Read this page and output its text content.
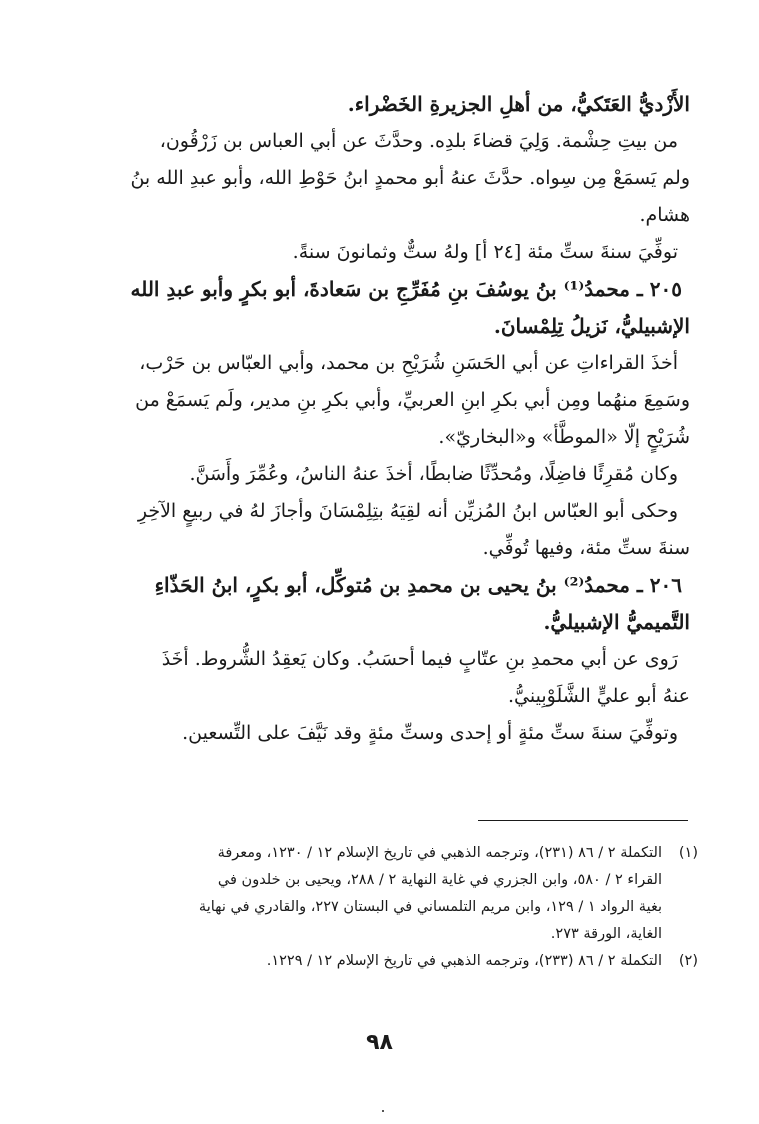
الأَزْديُّ العَتَكيُّ، من أهلِ الجزيرةِ الخَضْراء.
من بيتِ حِشْمة. وَلِيَ قضاءَ بلدِه. وحدَّثَ عن أبي العباس بن زَرْقُون،
ولم يَسمَعْ مِن سِواه. حدَّثَ عنهُ أبو محمدٍ ابنُ حَوْطِ الله، وأبو عبدِ الله بنُ
هشام.
توفِّيَ سنةَ ستِّ مئة [٢٤ أ] ولهُ ستٌّ وثمانونَ سنةً.
٢٠٥ ـ محمدُ⁽¹⁾ بنُ يوسُفَ بنِ مُفَرِّجِ بن سَعادةَ، أبو بكرٍ وأبو عبدِ الله
الإشبيليُّ، نَزيلُ تِلِمْسانَ.
أخذَ القراءاتِ عن أبي الحَسَنِ شُرَيْحِ بن محمد، وأبي العبّاس بن حَرْب،
وسَمِعَ منهُما ومِن أبي بكرِ ابنِ العربيِّ، وأبي بكرِ بنِ مدير، ولَم يَسمَعْ من
شُرَيْحٍ إلّا «الموطَّأ» و«البخاريّ».
وكان مُقرِئًا فاضِلًا، ومُحدِّثًا ضابطًا، أخذَ عنهُ الناسُ، وعُمِّرَ وأَسَنَّ.
وحكى أبو العبّاس ابنُ المُزيِّن أنه لقِيَهُ بتِلِمْسَانَ وأجازَ لهُ في ربيعٍ الآخِرِ
سنةَ ستِّ مئة، وفيها تُوفِّي.
٢٠٦ ـ محمدُ⁽²⁾ بنُ يحيى بن محمدِ بن مُتوكِّل، أبو بكرٍ، ابنُ الحَذّاءِ
التَّميميُّ الإشبيليُّ.
رَوى عن أبي محمدِ بنِ عتّابٍ فيما أحسَبُ. وكان يَعقِدُ الشُّروط. أخَذَ
عنهُ أبو عليٍّ الشَّلَوْبِينيُّ.
وتوفِّيَ سنةَ ستِّ مئةٍ أو إحدى وستِّ مئةٍ وقد نَيَّفَ على التِّسعين.
(١)
التكملة ٢ / ٨٦ (٢٣١)، وترجمه الذهبي في تاريخ الإسلام ١٢ / ١٢٣٠، ومعرفة
القراء ٢ / ٥٨٠، وابن الجزري في غاية النهاية ٢ / ٢٨٨، ويحيى بن خلدون في
بغية الرواد ١ / ١٢٩، وابن مريم التلمساني في البستان ٢٢٧، والقادري في نهاية
الغاية، الورقة ٢٧٣.
(٢)
التكملة ٢ / ٨٦ (٢٣٣)، وترجمه الذهبي في تاريخ الإسلام ١٢ / ١٢٢٩.
٩٨
